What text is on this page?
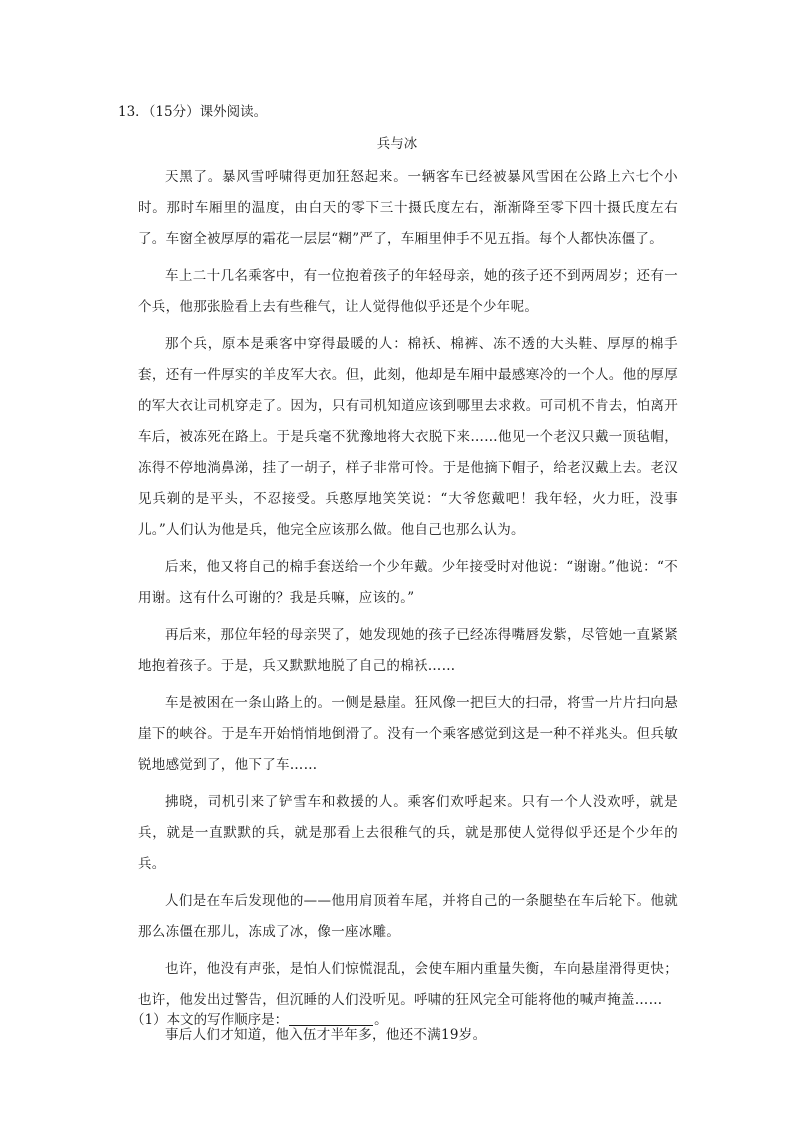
13．（15分）课外阅读。
兵与冰

天黑了。暴风雪呼啸得更加狂怒起来。一辆客车已经被暴风雪困在公路上六七个小时。那时车厢里的温度，由白天的零下三十摄氏度左右，渐渐降至零下四十摄氏度左右了。车窗全被厚厚的霜花一层层“糊”严了，车厢里伸手不见五指。每个人都快冻僵了。

车上二十几名乘客中，有一位抱着孩子的年轻母亲，她的孩子还不到两周岁；还有一个兵，他那张脸看上去有些稚气，让人觉得他似乎还是个少年呢。

那个兵，原本是乘客中穿得最暖的人：棉袄、棉裤、冻不透的大头鞋、厚厚的棉手套，还有一件厚实的羊皮军大衣。但，此刻，他却是车厢中最感寒冷的一个人。他的厚厚的军大衣让司机穿走了。因为，只有司机知道应该到哪里去求救。可司机不肯去，怕离开车后，被冻死在路上。于是兵毫不犹豫地将大衣脱下来……他见一个老汉只戴一顶毡帽，冻得不停地淌鼻涕，挂了一胡子，样子非常可怜。于是他摘下帽子，给老汉戴上去。老汉见兵剃的是平头，不忍接受。兵憨厚地笑笑说：“大爷您戴吧！我年轻，火力旺，没事儿。”人们认为他是兵，他完全应该那么做。他自己也那么认为。

后来，他又将自己的棉手套送给一个少年戴。少年接受时对他说：“谢谢。”他说：“不用谢。这有什么可谢的？我是兵嘛，应该的。”

再后来，那位年轻的母亲哭了，她发现她的孩子已经冻得嘴唇发紫，尽管她一直紧紧地抱着孩子。于是，兵又默默地脱了自己的棉袄……

车是被困在一条山路上的。一侧是悬崖。狂风像一把巨大的扫帚，将雪一片片扫向悬崖下的峡谷。于是车开始悄悄地倒滑了。没有一个乘客感觉到这是一种不祥兆头。但兵敏锐地感觉到了，他下了车……

拂晓，司机引来了铲雪车和救援的人。乘客们欢呼起来。只有一个人没欢呼，就是兵，就是一直默默的兵，就是那看上去很稚气的兵，就是那使人觉得似乎还是个少年的兵。

人们是在车后发现他的——他用肩顶着车尾，并将自己的一条腿垫在车后轮下。他就那么冻僵在那儿，冻成了冰，像一座冰雕。

也许，他没有声张，是怕人们惊慌混乱，会使车厢内重量失衡，车向悬崖滑得更快；也许，他发出过警告，但沉睡的人们没听见。呼啸的狂风完全可能将他的喊声掩盖……

事后人们才知道，他入伍才半年多，他还不满19岁。

（1）本文的写作顺序是：	。
